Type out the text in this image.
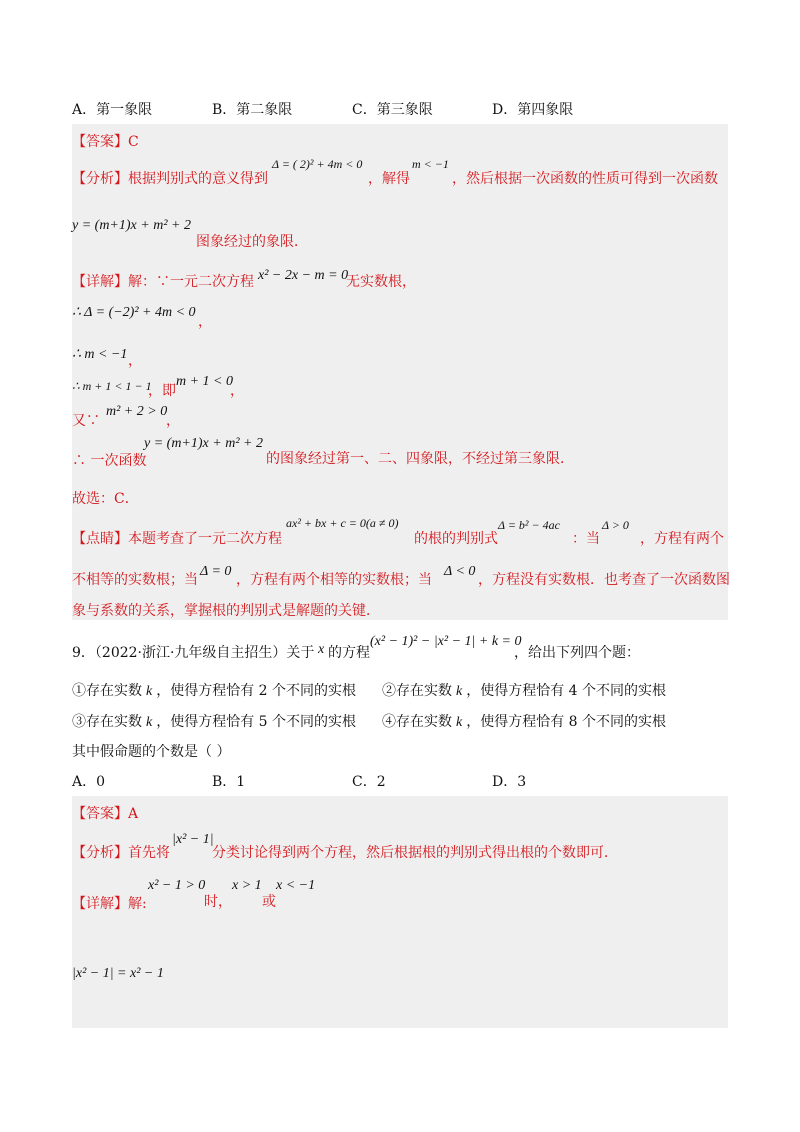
A．第一象限	B．第二象限	C．第三象限	D．第四象限
【答案】C
【分析】根据判别式的意义得到
Δ = ( 2)² + 4m < 0
，解得
m < −1
，然后根据一次函数的性质可得到一次函数
y = (m+1)x + m² + 2
图象经过的象限．
【详解】解：∵一元二次方程 x² − 2x − m = 0
无实数根，
∴ Δ = (−2)² + 4m < 0
，
∴ m < −1 ，
∴ m + 1 < 1 − 1
，即
m + 1 < 0
，
又∵
m² + 2 > 0
，
∴ 一次函数
y = (m+1)x + m² + 2
的图象经过第一、二、四象限，不经过第三象限．
故选：C．
【点睛】本题考查了一元二次方程
ax² + bx + c = 0(a ≠ 0)
的根的判别式
Δ = b² − 4ac
：当
Δ > 0
，方程有两个
不相等的实数根；当
Δ = 0
，方程有两个相等的实数根；当
Δ < 0
，方程没有实数根．也考查了一次函数图
象与系数的关系，掌握根的判别式是解题的关键．
9．（2022·浙江·九年级自主招生）关于 x 的方程
(x² − 1)² − |x² − 1| + k = 0
，给出下列四个题：
①存在实数 k ，使得方程恰有 2 个不同的实根 ②存在实数 k ，使得方程恰有 4 个不同的实根
③存在实数 k ，使得方程恰有 5 个不同的实根 ④存在实数 k ，使得方程恰有 8 个不同的实根
其中假命题的个数是（ ）
A．0	B．1	C．2	D．3
【答案】A
【分析】首先将
|x² − 1|
分类讨论得到两个方程，然后根据根的判别式得出根的个数即可．
【详解】解:
x² − 1 > 0
时，
x > 1
或
x < −1
|x² − 1| = x² − 1
